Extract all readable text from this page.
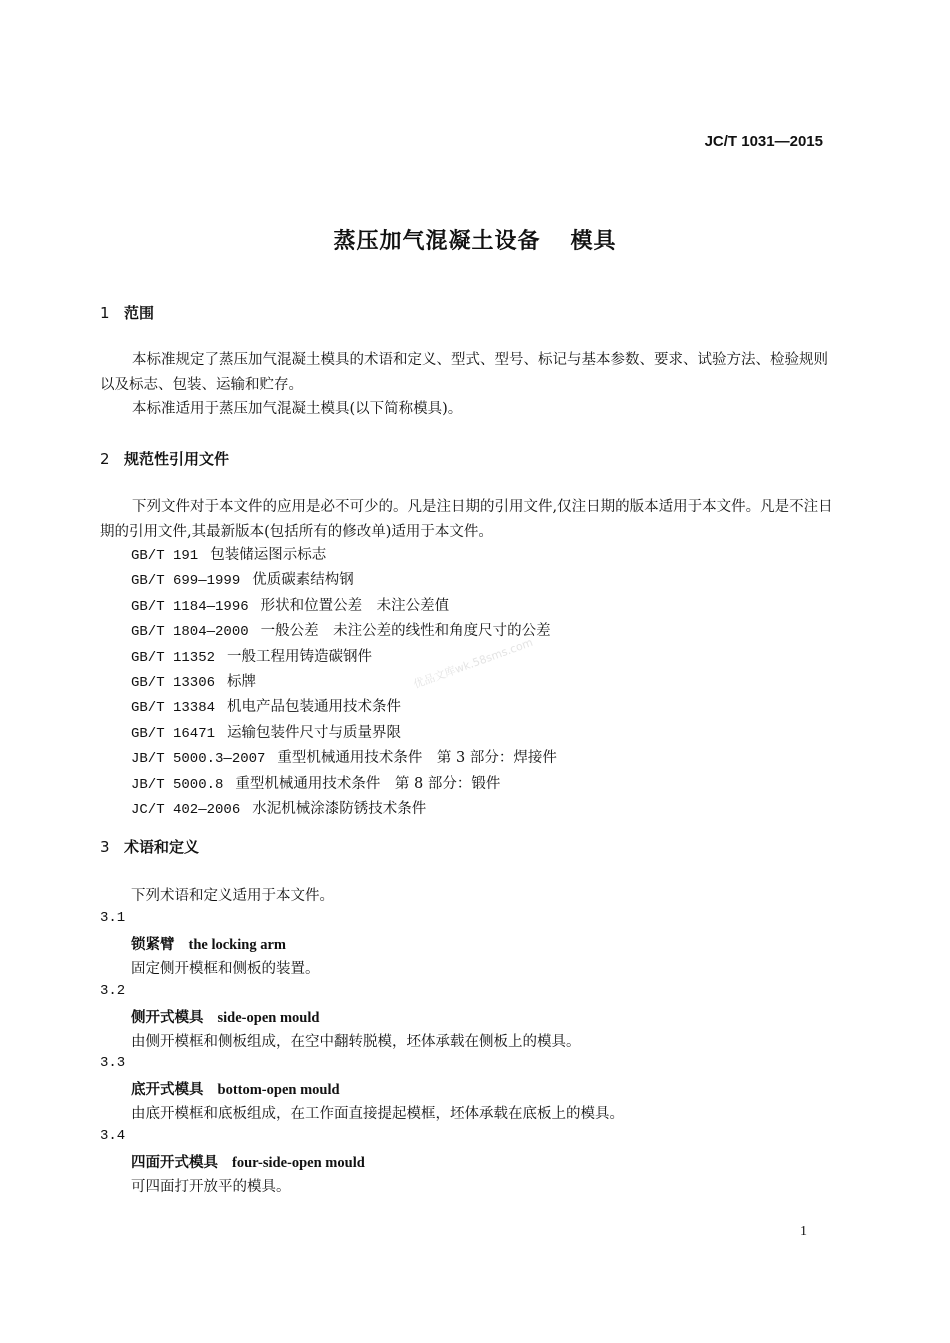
JC/T 1031—2015
蒸压加气混凝土设备 模具
1 范围

本标准规定了蒸压加气混凝土模具的术语和定义、型式、型号、标记与基本参数、要求、试验方法、检验规则以及标志、包装、运输和贮存。

本标准适用于蒸压加气混凝土模具(以下简称模具)。

2 规范性引用文件

下列文件对于本文件的应用是必不可少的。凡是注日期的引用文件,仅注日期的版本适用于本文件。凡是不注日期的引用文件,其最新版本(包括所有的修改单)适用于本文件。

GB/T 191 包装储运图示标志
GB/T 699—1999 优质碳素结构钢
GB/T 1184—1996 形状和位置公差　未注公差值
GB/T 1804—2000 一般公差　未注公差的线性和角度尺寸的公差
GB/T 11352 一般工程用铸造碳钢件
GB/T 13306 标牌
GB/T 13384 机电产品包装通用技术条件
GB/T 16471 运输包装件尺寸与质量界限
JB/T 5000.3—2007 重型机械通用技术条件　第 3 部分：焊接件
JB/T 5000.8 重型机械通用技术条件　第 8 部分：锻件
JC/T 402—2006 水泥机械涂漆防锈技术条件
3 术语和定义
下列术语和定义适用于本文件。
3.1
锁紧臂 the locking arm
固定侧开模框和侧板的装置。
3.2
侧开式模具 side-open mould
由侧开模框和侧板组成，在空中翻转脱模，坯体承载在侧板上的模具。
3.3
底开式模具 bottom-open mould
由底开模框和底板组成，在工作面直接提起模框，坯体承载在底板上的模具。
3.4
四面开式模具 four-side-open mould
可四面打开放平的模具。
优品文库wk.58sms.com
1
